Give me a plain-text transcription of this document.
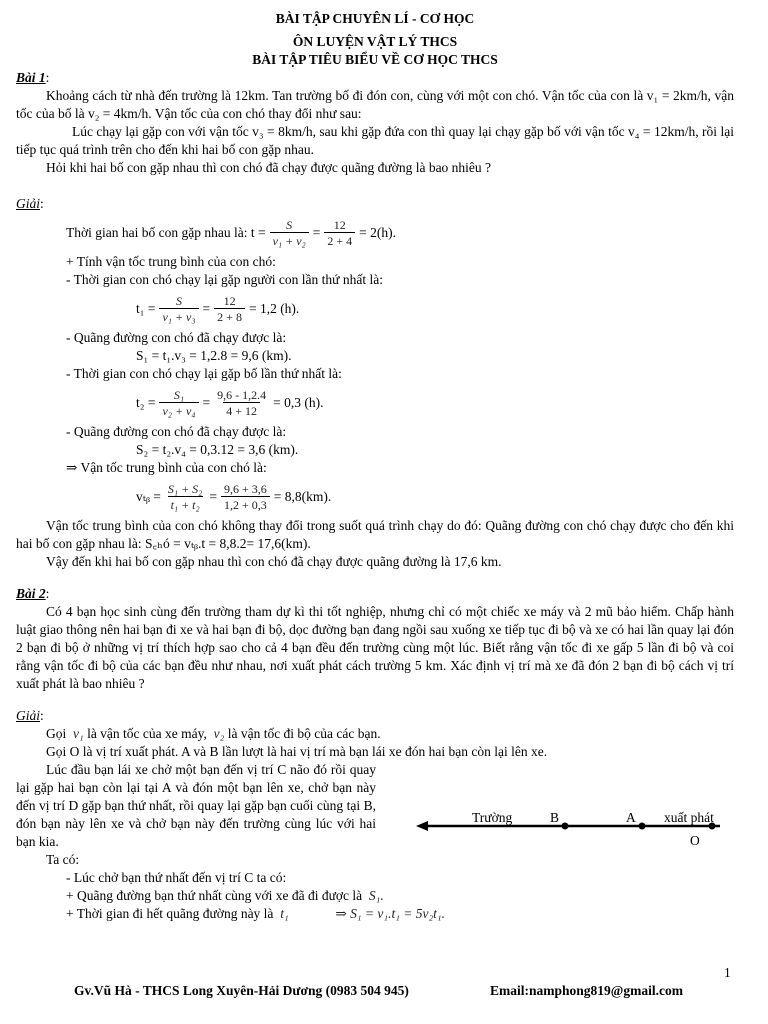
BÀI TẬP CHUYÊN LÍ - CƠ HỌC
ÔN LUYỆN VẬT LÝ THCS
BÀI TẬP TIÊU BIỂU VỀ CƠ HỌC THCS

Bài 1:

Khoảng cách từ nhà đến trường là 12km. Tan trường bố đi đón con, cùng với một con chó. Vận tốc của con là v₁ = 2km/h, vận tốc của bố là v₂ = 4km/h. Vận tốc của con chó thay đổi như sau:

Lúc chạy lại gặp con với vận tốc v₃ = 8km/h, sau khi gặp đứa con thì quay lại chạy gặp bố với vận tốc v₄ = 12km/h, rồi lại tiếp tục quá trình trên cho đến khi hai bố con gặp nhau.

Hỏi khi hai bố con gặp nhau thì con chó đã chạy được quãng đường là bao nhiêu ?

Giải:

Thời gian hai bố con gặp nhau là: $t = \frac{S}{\text{v₁ + v₂}} = \frac{12}{2 + 4} = 2(h)$.

+ Tính vận tốc trung bình của con chó:

- Thời gian con chó chạy lại gặp người con lần thứ nhất là:

$t_1 = \frac{S}{\text{v₁ + v₃}} = \frac{12}{2 + 8} = 1,2$ (h).

- Quãng đường con chó đã chạy được là:

S₁ = t₁.v₃ = 1,2.8 = 9,6 (km).

- Thời gian con chó chạy lại gặp bố lần thứ nhất là:

$t_2 = \frac{\text{S₁}}{\text{v₂ + v₄}} = \frac{9,6 - 1,2.4}{4 + 12} = 0,3$ (h).

- Quãng đường con chó đã chạy được là:

S₂ = t₂.v₄ = 0,3.12 = 3,6 (km).

⇒ Vận tốc trung bình của con chó là:

vₜᵦ = $\frac{\text{S₁ + S₂}}{\text{t₁ + t₂}} = \frac{9,6 + 3,6}{1,2 + 0,3} = 8,8(km)$.

Vận tốc trung bình của con chó không thay đổi trong suốt quá trình chạy do đó: Quãng đường con chó chạy được cho đến khi hai bố con gặp nhau là: S꜀ₕó = vₜᵦ.t = 8,8.2= 17,6(km).

Vậy đến khi hai bố con gặp nhau thì con chó đã chạy được quãng đường là 17,6 km.

Bài 2:

Có 4 bạn học sinh cùng đến trường tham dự kì thi tốt nghiệp, nhưng chỉ có một chiếc xe máy và 2 mũ bảo hiểm. Chấp hành luật giao thông nên hai bạn đi xe và hai bạn đi bộ, dọc đường bạn đang ngồi sau xuống xe tiếp tục đi bộ và xe có hai lần quay lại đón 2 bạn đi bộ ở những vị trí thích hợp sao cho cả 4 bạn đều đến trường cùng một lúc. Biết rằng vận tốc đi xe gấp 5 lần đi bộ và coi rằng vận tốc đi bộ của các bạn đều như nhau, nơi xuất phát cách trường 5 km. Xác định vị trí mà xe đã đón 2 bạn đi bộ cách vị trí xuất phát là bao nhiêu ?

Giải:

Gọi v₁ là vận tốc của xe máy, v₂ là vận tốc đi bộ của các bạn.

Gọi O là vị trí xuất phát. A và B lần lượt là hai vị trí mà bạn lái xe đón hai bạn còn lại lên xe.

Lúc đầu bạn lái xe chở một bạn đến vị trí C não đó rồi quay lại gặp hai bạn còn lại tại A và đón một bạn lên xe, chở bạn này đến vị trí D gặp bạn thứ nhất, rồi quay lại gặp bạn cuối cùng tại B, đón bạn này lên xe và chở bạn này đến trường cùng lúc với hai bạn kia.

Ta có:

- Lúc chở bạn thứ nhất đến vị trí C ta có:

+ Quãng đường bạn thứ nhất cùng với xe đã đi được là S₁.

+ Thời gian đi hết quãng đường này là t₁	⇒ S₁ = v₁.t₁ = 5v₂t₁.

Trường	B	A xuất phát
O
1
Gv.Vũ Hà - THCS Long Xuyên-Hải Dương (0983 504 945)	Email:namphong819@gmail.com
